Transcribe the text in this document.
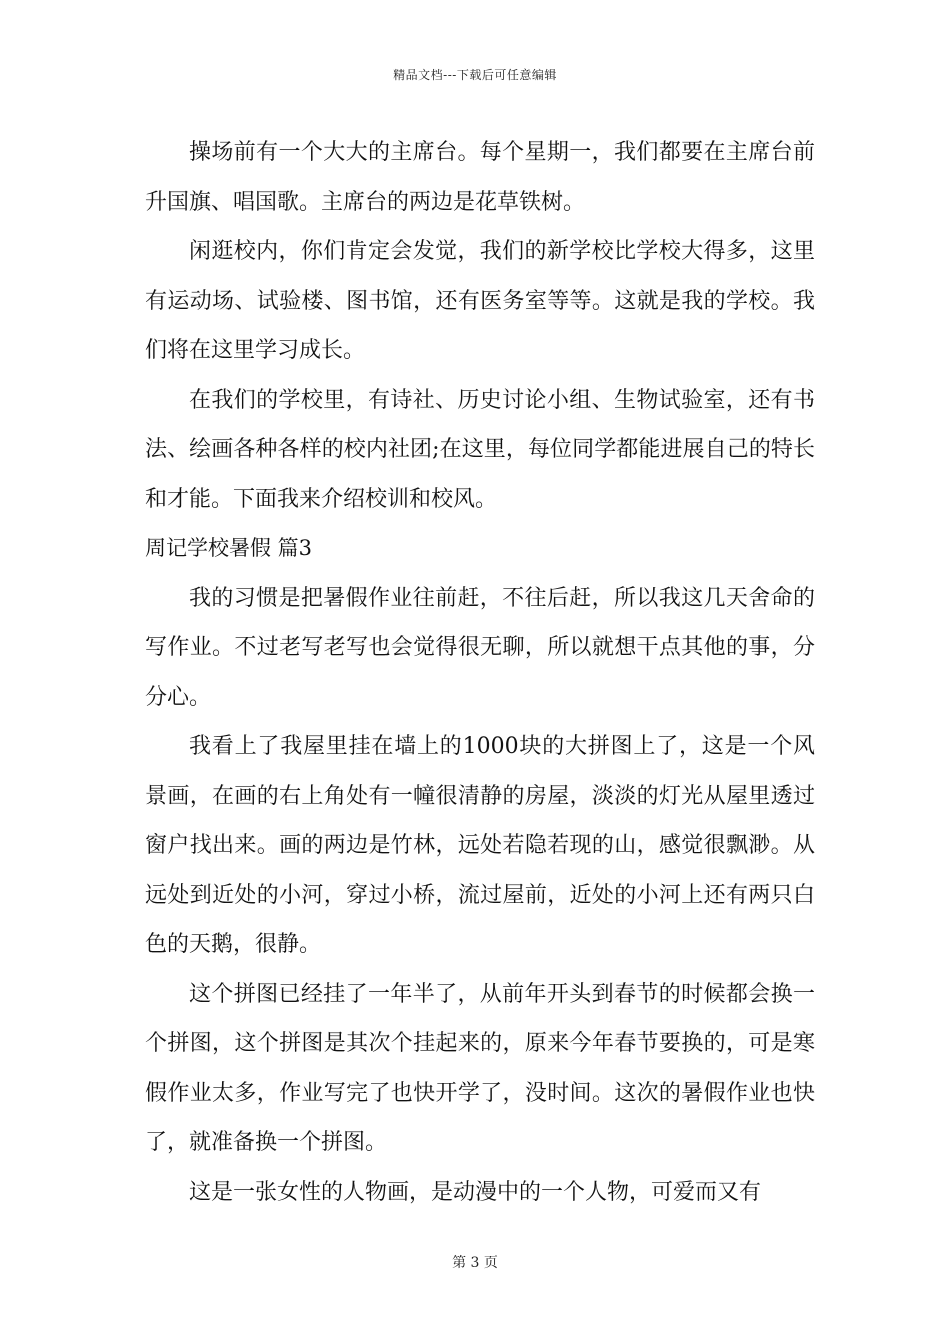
精品文档---下载后可任意编辑

操场前有一个大大的主席台。每个星期一，我们都要在主席台前升国旗、唱国歌。主席台的两边是花草铁树。

闲逛校内，你们肯定会发觉，我们的新学校比学校大得多，这里有运动场、试验楼、图书馆，还有医务室等等。这就是我的学校。我们将在这里学习成长。

在我们的学校里，有诗社、历史讨论小组、生物试验室，还有书法、绘画各种各样的校内社团;在这里，每位同学都能进展自己的特长和才能。下面我来介绍校训和校风。

周记学校暑假 篇3

我的习惯是把暑假作业往前赶，不往后赶，所以我这几天舍命的写作业。不过老写老写也会觉得很无聊，所以就想干点其他的事，分分心。

我看上了我屋里挂在墙上的1000块的大拼图上了，这是一个风景画，在画的右上角处有一幢很清静的房屋，淡淡的灯光从屋里透过窗户找出来。画的两边是竹林，远处若隐若现的山，感觉很飘渺。从远处到近处的小河，穿过小桥，流过屋前，近处的小河上还有两只白色的天鹅，很静。

这个拼图已经挂了一年半了，从前年开头到春节的时候都会换一个拼图，这个拼图是其次个挂起来的，原来今年春节要换的，可是寒假作业太多，作业写完了也快开学了，没时间。这次的暑假作业也快了，就准备换一个拼图。

这是一张女性的人物画，是动漫中的一个人物，可爱而又有

第 3 页
